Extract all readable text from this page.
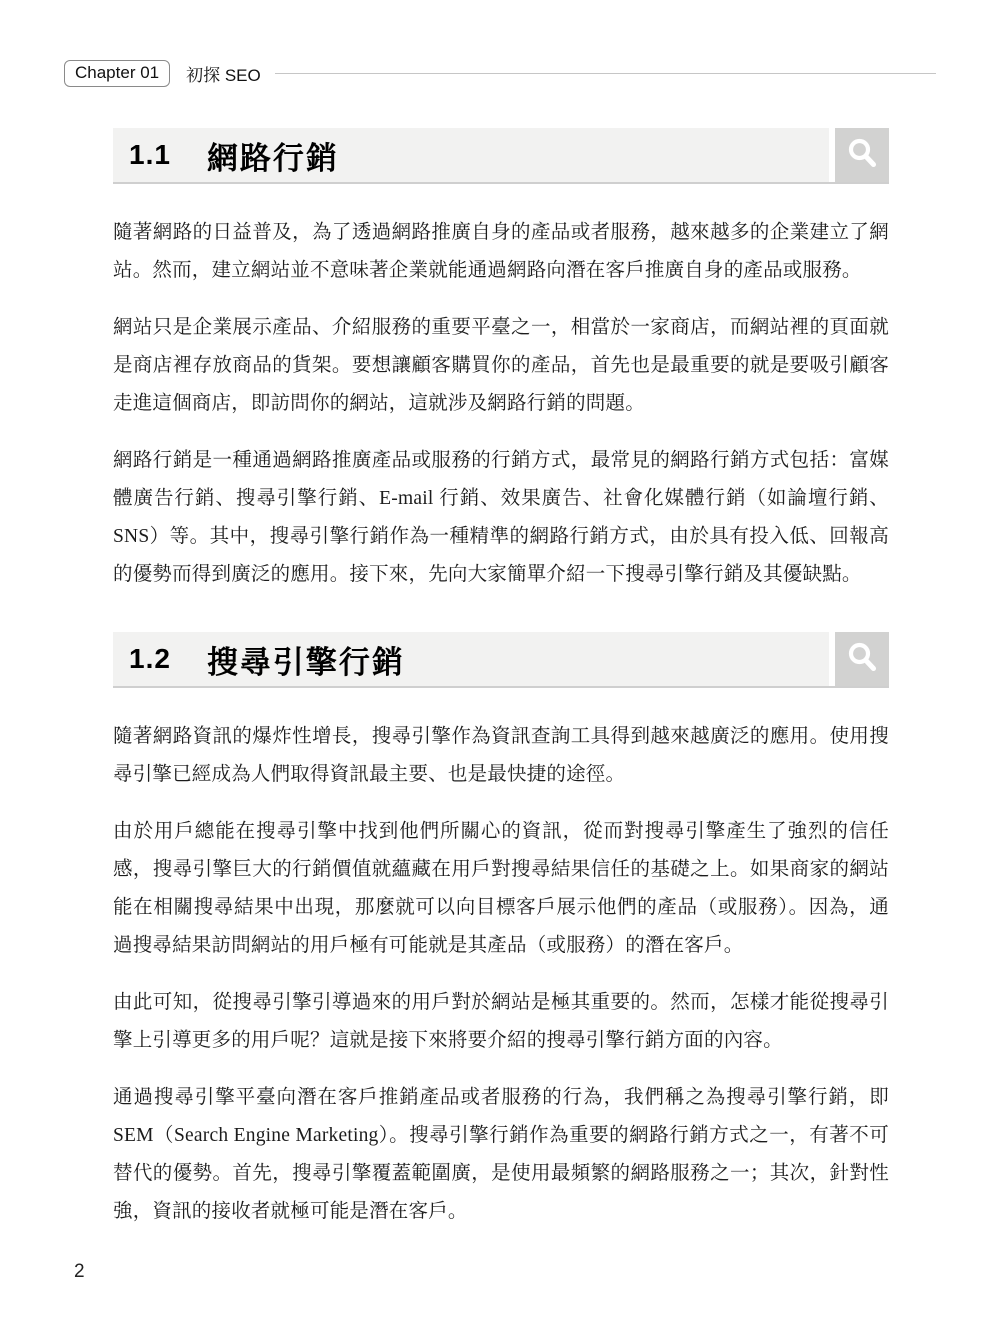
Chapter 01	初探 SEO
1.1 網路行銷

隨著網路的日益普及，為了透過網路推廣自身的產品或者服務，越來越多的企業建立了網站。然而，建立網站並不意味著企業就能通過網路向潛在客戶推廣自身的產品或服務。

網站只是企業展示產品、介紹服務的重要平臺之一，相當於一家商店，而網站裡的頁面就是商店裡存放商品的貨架。要想讓顧客購買你的產品，首先也是最重要的就是要吸引顧客走進這個商店，即訪問你的網站，這就涉及網路行銷的問題。

網路行銷是一種通過網路推廣產品或服務的行銷方式，最常見的網路行銷方式包括：富媒體廣告行銷、搜尋引擎行銷、E-mail 行銷、效果廣告、社會化媒體行銷（如論壇行銷、SNS）等。其中，搜尋引擎行銷作為一種精準的網路行銷方式，由於具有投入低、回報高的優勢而得到廣泛的應用。接下來，先向大家簡單介紹一下搜尋引擎行銷及其優缺點。

1.2 搜尋引擎行銷

隨著網路資訊的爆炸性增長，搜尋引擎作為資訊查詢工具得到越來越廣泛的應用。使用搜尋引擎已經成為人們取得資訊最主要、也是最快捷的途徑。

由於用戶總能在搜尋引擎中找到他們所關心的資訊，從而對搜尋引擎產生了強烈的信任感，搜尋引擎巨大的行銷價值就蘊藏在用戶對搜尋結果信任的基礎之上。如果商家的網站能在相關搜尋結果中出現，那麼就可以向目標客戶展示他們的產品（或服務）。因為，通過搜尋結果訪問網站的用戶極有可能就是其產品（或服務）的潛在客戶。

由此可知，從搜尋引擎引導過來的用戶對於網站是極其重要的。然而，怎樣才能從搜尋引擎上引導更多的用戶呢？這就是接下來將要介紹的搜尋引擎行銷方面的內容。

通過搜尋引擎平臺向潛在客戶推銷產品或者服務的行為，我們稱之為搜尋引擎行銷，即SEM（Search Engine Marketing）。搜尋引擎行銷作為重要的網路行銷方式之一，有著不可替代的優勢。首先，搜尋引擎覆蓋範圍廣，是使用最頻繁的網路服務之一；其次，針對性強，資訊的接收者就極可能是潛在客戶。

2
